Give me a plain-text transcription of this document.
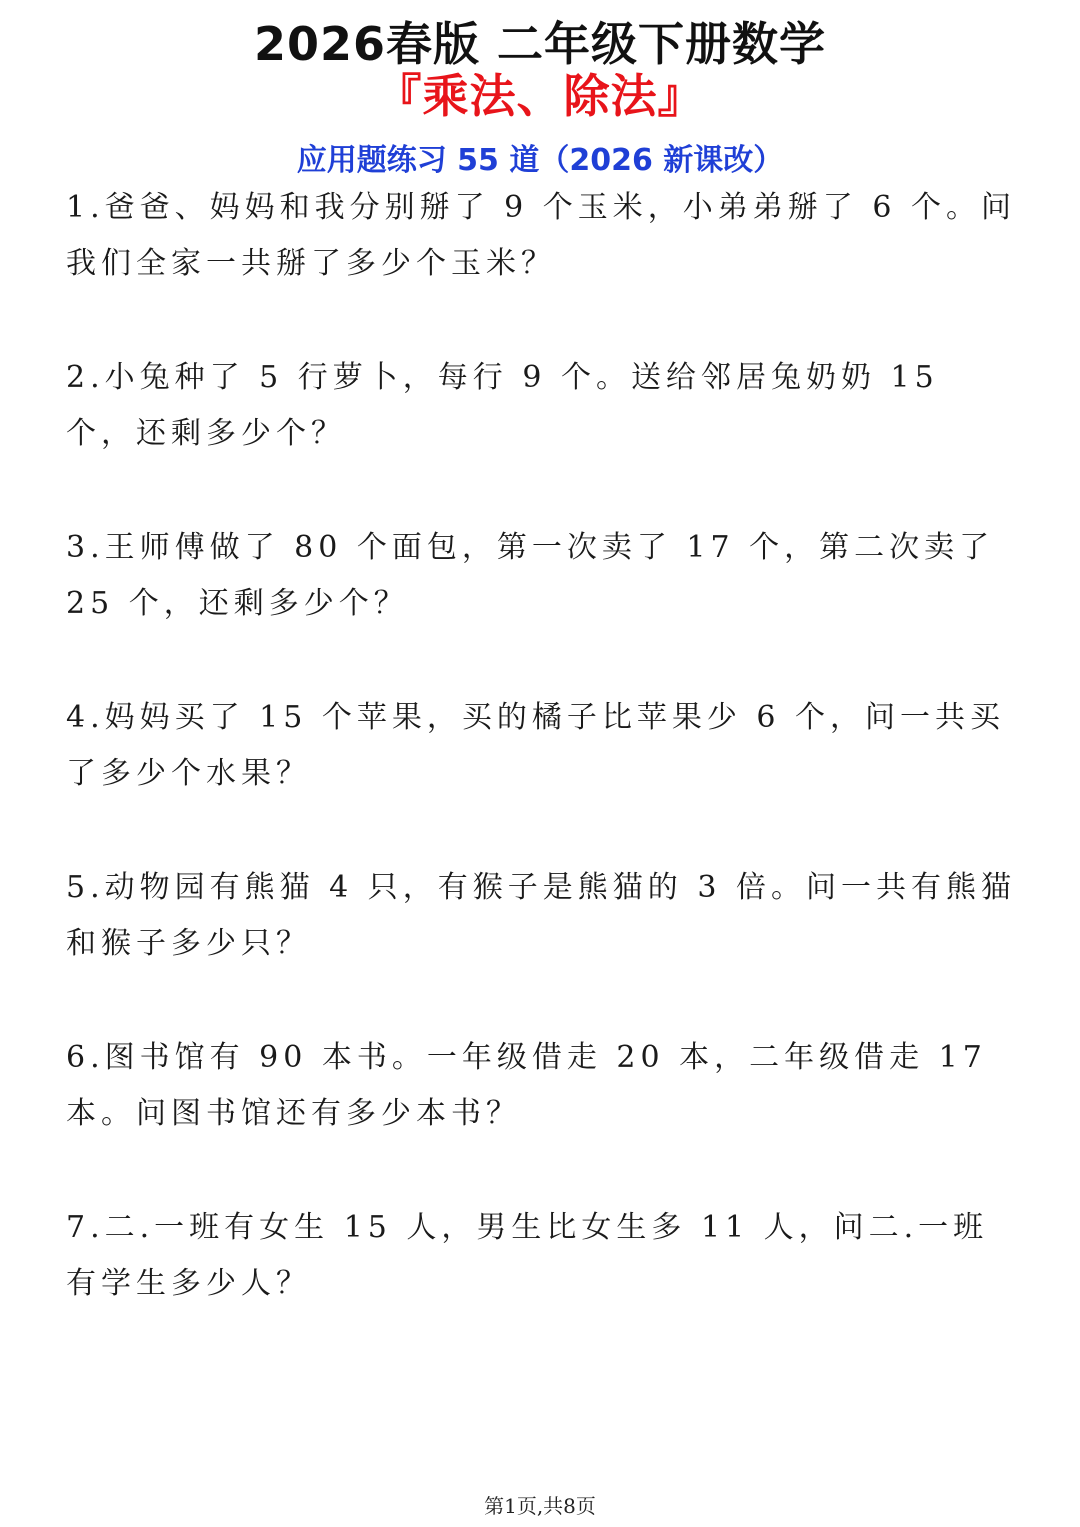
2026春版 二年级下册数学
『乘法、除法』
应用题练习 55 道（2026 新课改）
1.爸爸、妈妈和我分别掰了 9 个玉米，小弟弟掰了 6 个。问我们全家一共掰了多少个玉米？
2.小兔种了 5 行萝卜，每行 9 个。送给邻居兔奶奶 15 个，还剩多少个？
3.王师傅做了 80 个面包，第一次卖了 17 个，第二次卖了 25 个，还剩多少个？
4.妈妈买了 15 个苹果，买的橘子比苹果少 6 个，问一共买了多少个水果？
5.动物园有熊猫 4 只，有猴子是熊猫的 3 倍。问一共有熊猫和猴子多少只？
6.图书馆有 90 本书。一年级借走 20 本，二年级借走 17 本。问图书馆还有多少本书？
7.二.一班有女生 15 人，男生比女生多 11 人，问二.一班有学生多少人？
第1页,共8页
